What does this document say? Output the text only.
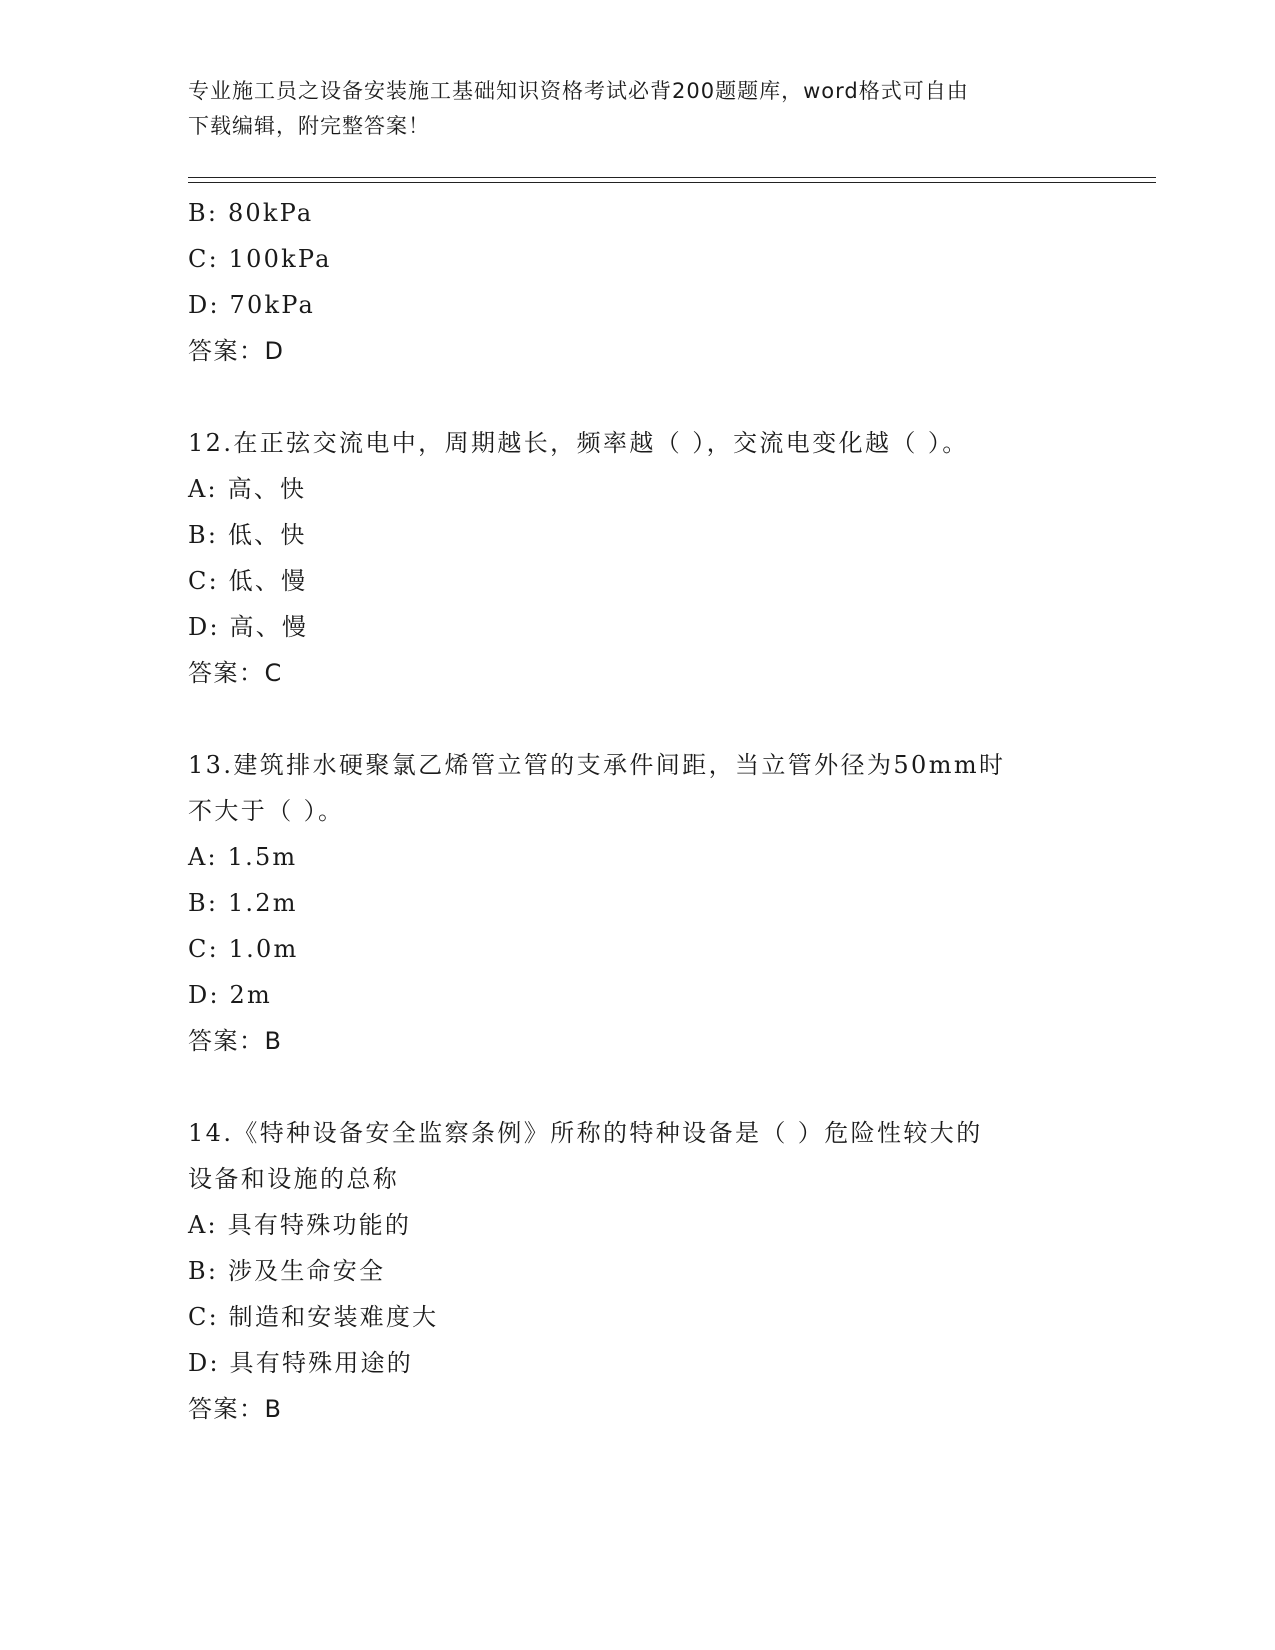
专业施工员之设备安装施工基础知识资格考试必背200题题库，word格式可自由
下载编辑，附完整答案！
B: 80kPa
C: 100kPa
D: 70kPa
答案：D
12.在正弦交流电中，周期越长，频率越（ ），交流电变化越（ ）。
A: 高、快
B: 低、快
C: 低、慢
D: 高、慢
答案：C
13.建筑排水硬聚氯乙烯管立管的支承件间距，当立管外径为50mm时
不大于（ ）。
A: 1.5m
B: 1.2m
C: 1.0m
D: 2m
答案：B
14.《特种设备安全监察条例》所称的特种设备是（ ）危险性较大的
设备和设施的总称
A: 具有特殊功能的
B: 涉及生命安全
C: 制造和安装难度大
D: 具有特殊用途的
答案：B
